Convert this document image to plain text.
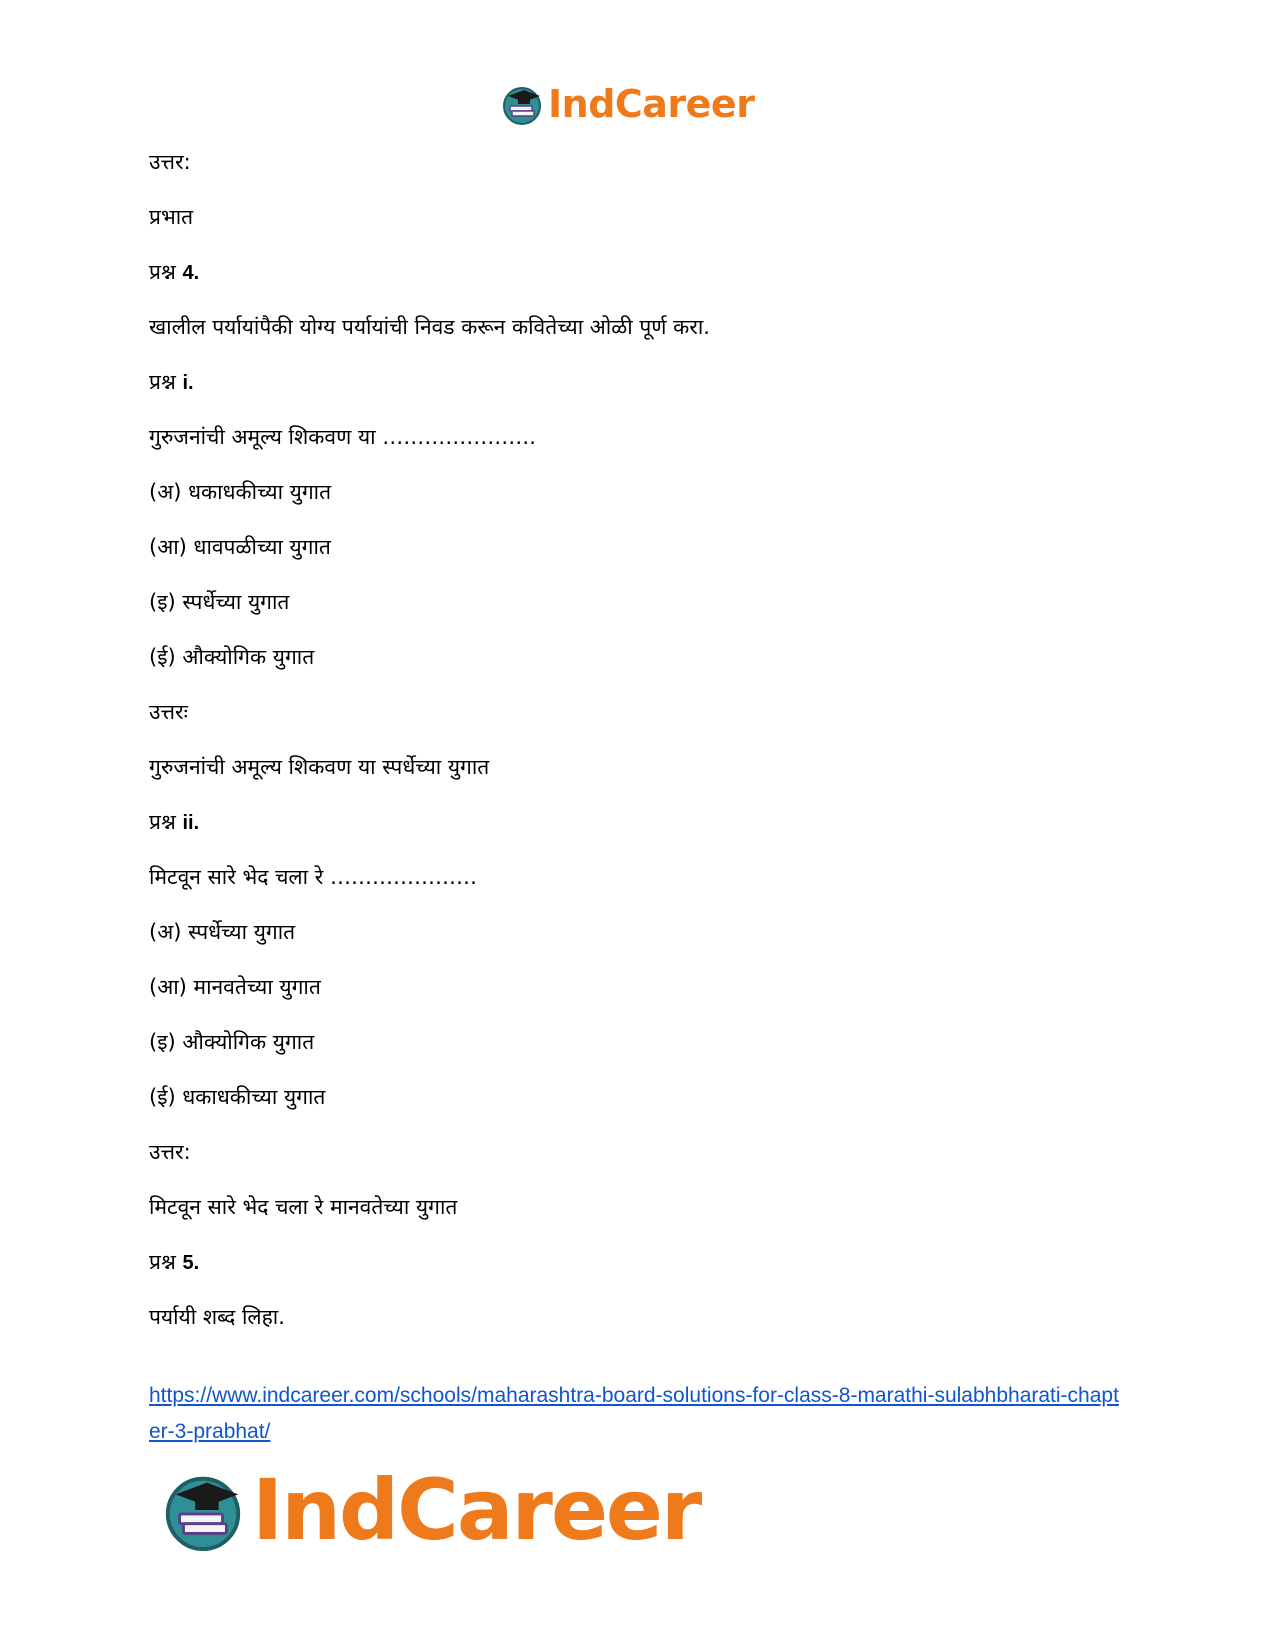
IndCareer
उत्तर:
प्रभात
प्रश्न 4.
खालील पर्यायांपैकी योग्य पर्यायांची निवड करून कवितेच्या ओळी पूर्ण करा.
प्रश्न i.
गुरुजनांची अमूल्य शिकवण या ………………….
(अ) धकाधकीच्या युगात
(आ) धावपळीच्या युगात
(इ) स्पर्धेच्या युगात
(ई) औक्योगिक युगात
उत्तरः
गुरुजनांची अमूल्य शिकवण या स्पर्धेच्या युगात
प्रश्न ii.
मिटवून सारे भेद चला रे …………………
(अ) स्पर्धेच्या युगात
(आ) मानवतेच्या युगात
(इ) औक्योगिक युगात
(ई) धकाधकीच्या युगात
उत्तर:
मिटवून सारे भेद चला रे मानवतेच्या युगात
प्रश्न 5.
पर्यायी शब्द लिहा.
https://www.indcareer.com/schools/maharashtra-board-solutions-for-class-8-marathi-sulabhbharati-chapter-3-prabhat/
IndCareer
